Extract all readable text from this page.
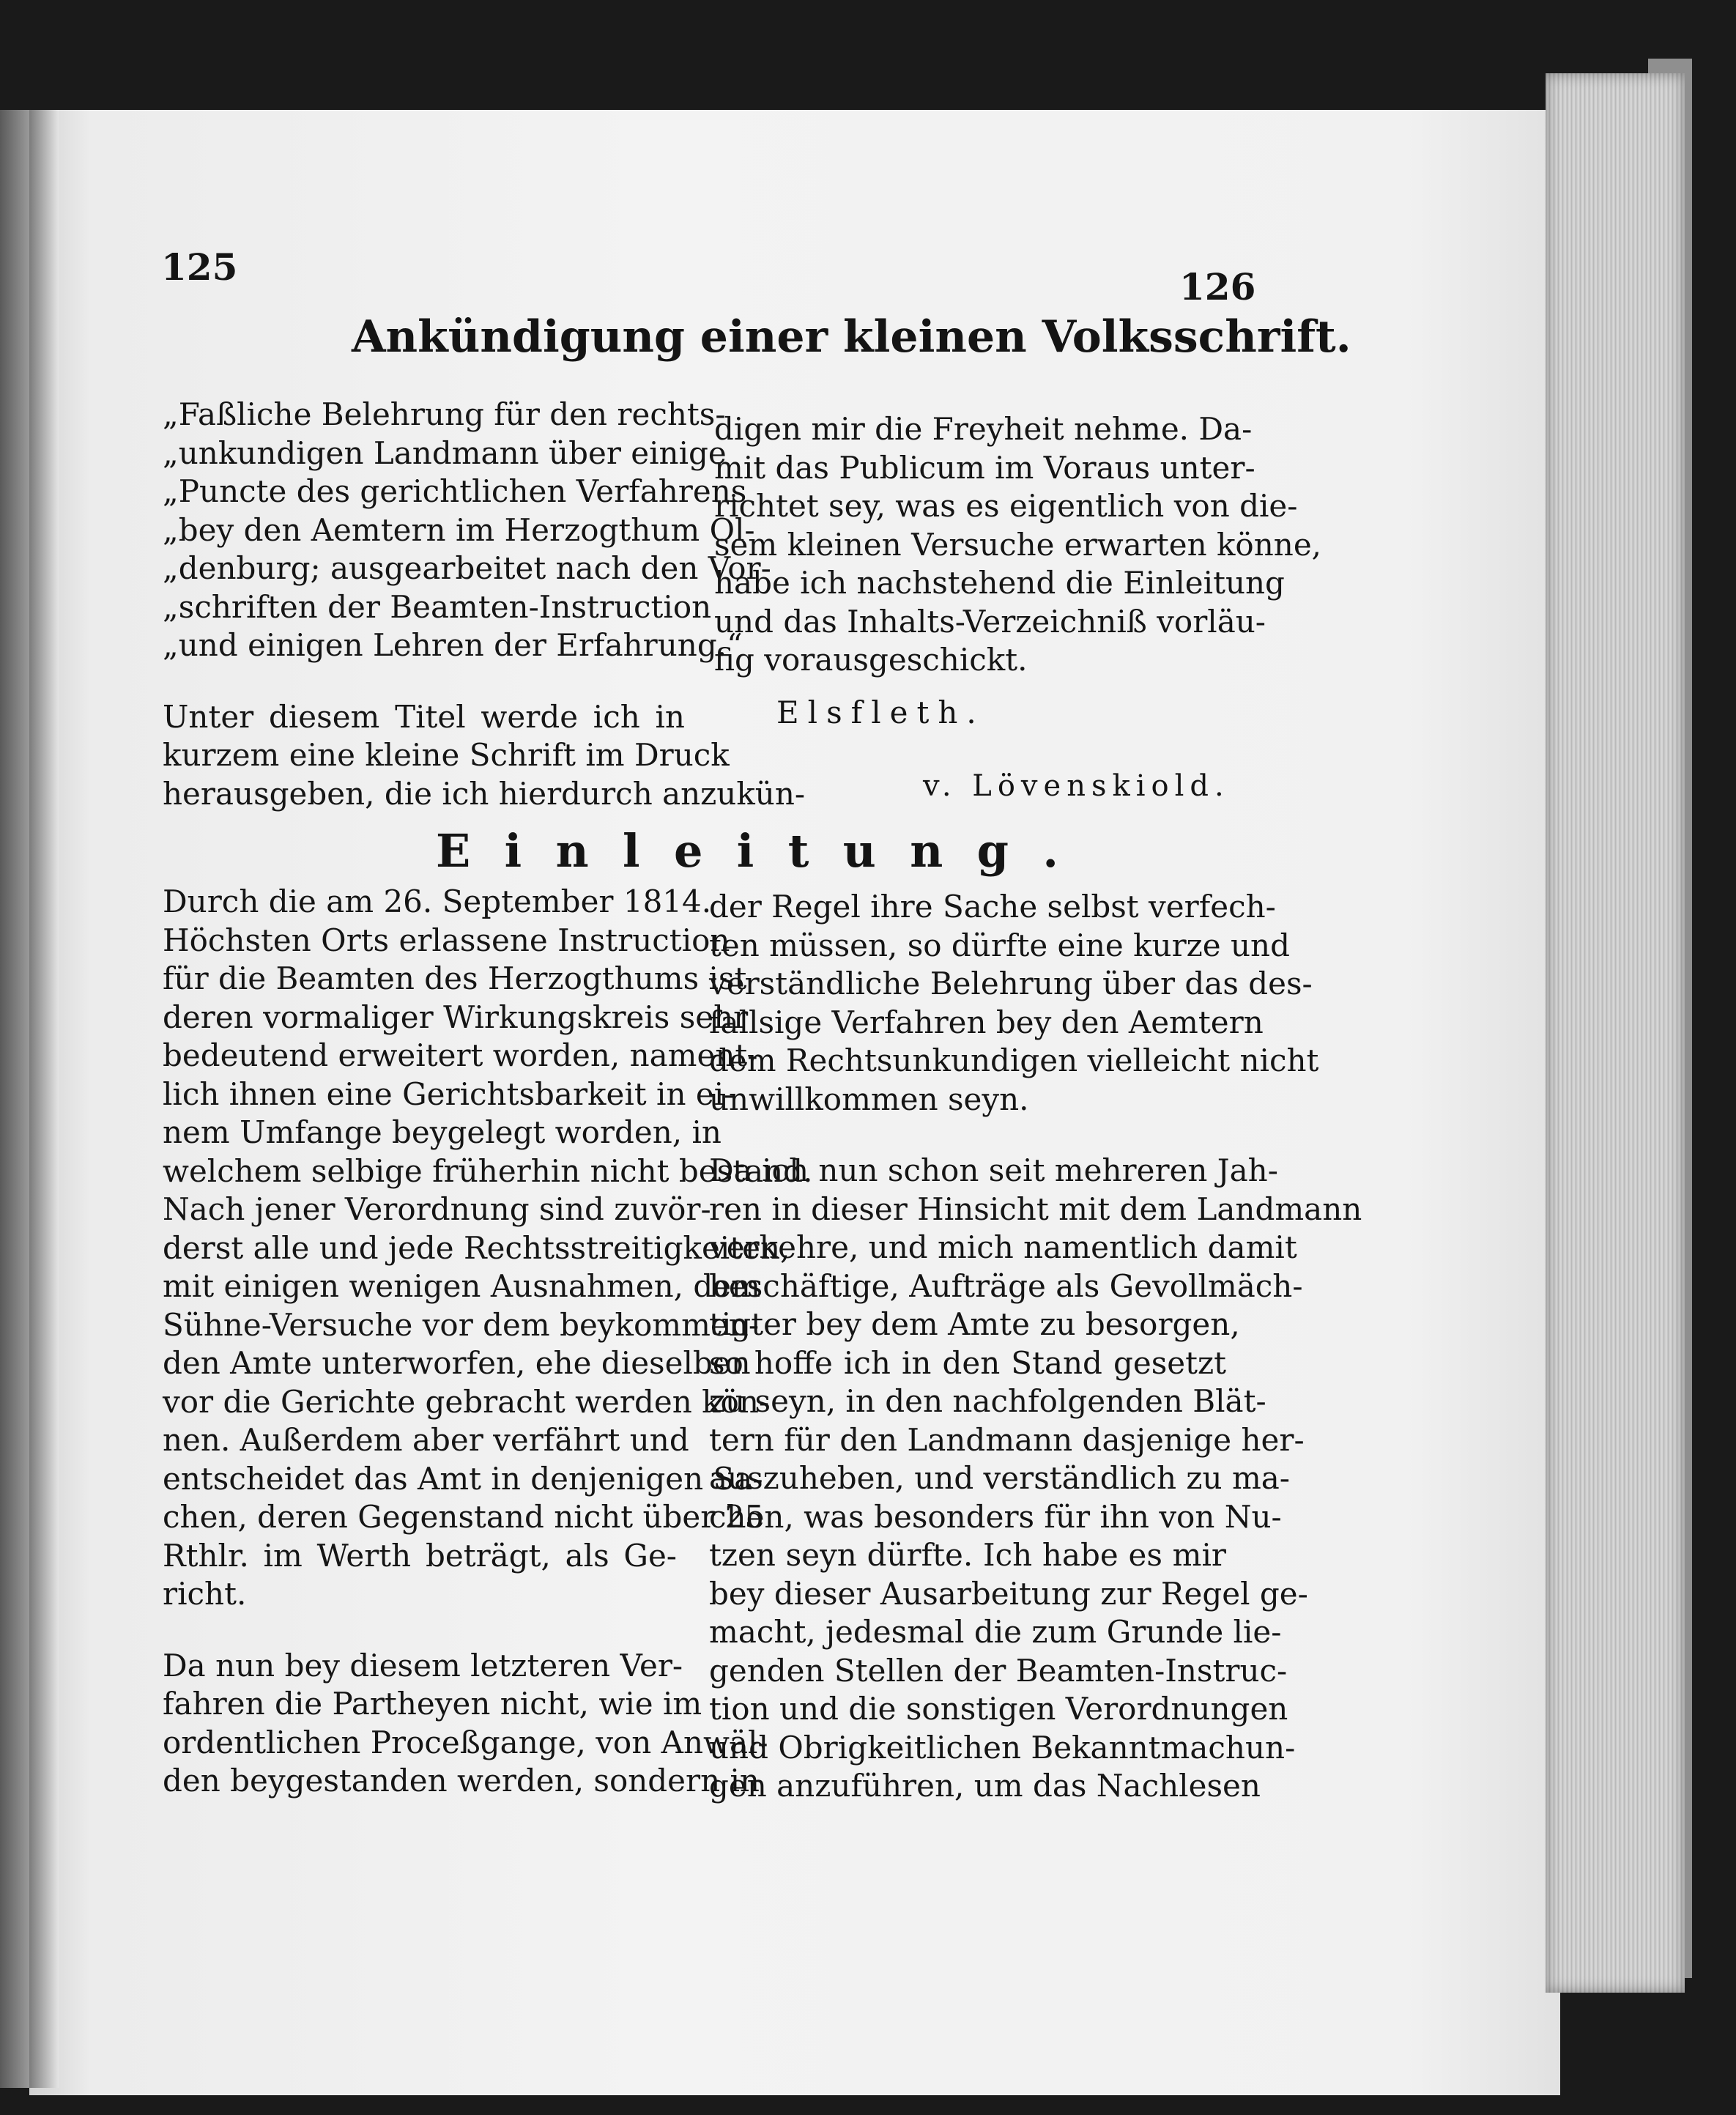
125	126
Ankündigung einer kleinen Volksschrift.
„Faßliche Belehrung für den rechts-
„unkundigen Landmann über einige
„Puncte des gerichtlichen Verfahrens
„bey den Aemtern im Herzogthum Ol-
„denburg; ausgearbeitet nach den Vor-
„schriften der Beamten-Instruction
„und einigen Lehren der Erfahrung.“
Unter diesem Titel werde ich in
kurzem eine kleine Schrift im Druck
herausgeben, die ich hierdurch anzukün-
digen mir die Freyheit nehme. Da-
mit das Publicum im Voraus unter-
richtet sey, was es eigentlich von die-
sem kleinen Versuche erwarten könne,
habe ich nachstehend die Einleitung
und das Inhalts-Verzeichniß vorläu-
fig vorausgeschickt.
Elsfleth.
v. Lövenskiold.
E i n l e i t u n g .
Durch die am 26. September 1814.
Höchsten Orts erlassene Instruction
für die Beamten des Herzogthums ist
deren vormaliger Wirkungskreis sehr
bedeutend erweitert worden, nament-
lich ihnen eine Gerichtsbarkeit in ei-
nem Umfange beygelegt worden, in
welchem selbige früherhin nicht bestand.
Nach jener Verordnung sind zuvör-
derst alle und jede Rechtsstreitigkeiten,
mit einigen wenigen Ausnahmen, dem
Sühne-Versuche vor dem beykommen-
den Amte unterworfen, ehe dieselben
vor die Gerichte gebracht werden kön-
nen. Außerdem aber verfährt und
entscheidet das Amt in denjenigen Sa-
chen, deren Gegenstand nicht über 25
Rthlr. im Werth beträgt, als Ge-
richt.
Da nun bey diesem letzteren Ver-
fahren die Partheyen nicht, wie im
ordentlichen Proceßgange, von Anwäl-
den beygestanden werden, sondern in
der Regel ihre Sache selbst verfech-
ten müssen, so dürfte eine kurze und
verständliche Belehrung über das des-
fallsige Verfahren bey den Aemtern
dem Rechtsunkundigen vielleicht nicht
unwillkommen seyn.
Da ich nun schon seit mehreren Jah-
ren in dieser Hinsicht mit dem Landmann
verkehre, und mich namentlich damit
beschäftige, Aufträge als Gevollmäch-
tigter bey dem Amte zu besorgen,
so hoffe ich in den Stand gesetzt
zu seyn, in den nachfolgenden Blät-
tern für den Landmann dasjenige her-
auszuheben, und verständlich zu ma-
chen, was besonders für ihn von Nu-
tzen seyn dürfte. Ich habe es mir
bey dieser Ausarbeitung zur Regel ge-
macht, jedesmal die zum Grunde lie-
genden Stellen der Beamten-Instruc-
tion und die sonstigen Verordnungen
und Obrigkeitlichen Bekanntmachun-
gen anzuführen, um das Nachlesen
